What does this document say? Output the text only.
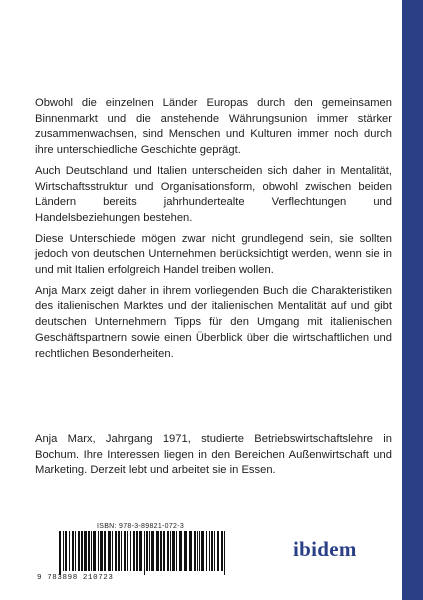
Obwohl die einzelnen Länder Europas durch den gemeinsamen Binnenmarkt und die anstehende Währungsunion immer stärker zusammenwachsen, sind Menschen und Kulturen immer noch durch ihre unterschiedliche Geschichte geprägt.

Auch Deutschland und Italien unterscheiden sich daher in Mentalität, Wirtschaftsstruktur und Organisationsform, obwohl zwischen beiden Ländern bereits jahrhundertealte Verflechtungen und Handelsbeziehungen bestehen.

Diese Unterschiede mögen zwar nicht grundlegend sein, sie sollten jedoch von deutschen Unternehmen berücksichtigt werden, wenn sie in und mit Italien erfolgreich Handel treiben wollen.

Anja Marx zeigt daher in ihrem vorliegenden Buch die Charakteristiken des italienischen Marktes und der italienischen Mentalität auf und gibt deutschen Unternehmern Tipps für den Umgang mit italienischen Geschäftspartnern sowie einen Überblick über die wirtschaftlichen und rechtlichen Besonderheiten.

Anja Marx, Jahrgang 1971, studierte Betriebswirtschaftslehre in Bochum. Ihre Interessen liegen in den Bereichen Außenwirtschaft und Marketing. Derzeit lebt und arbeitet sie in Essen.

ISBN: 978-3-89821-072-3
9 783898 210723
ibidem
